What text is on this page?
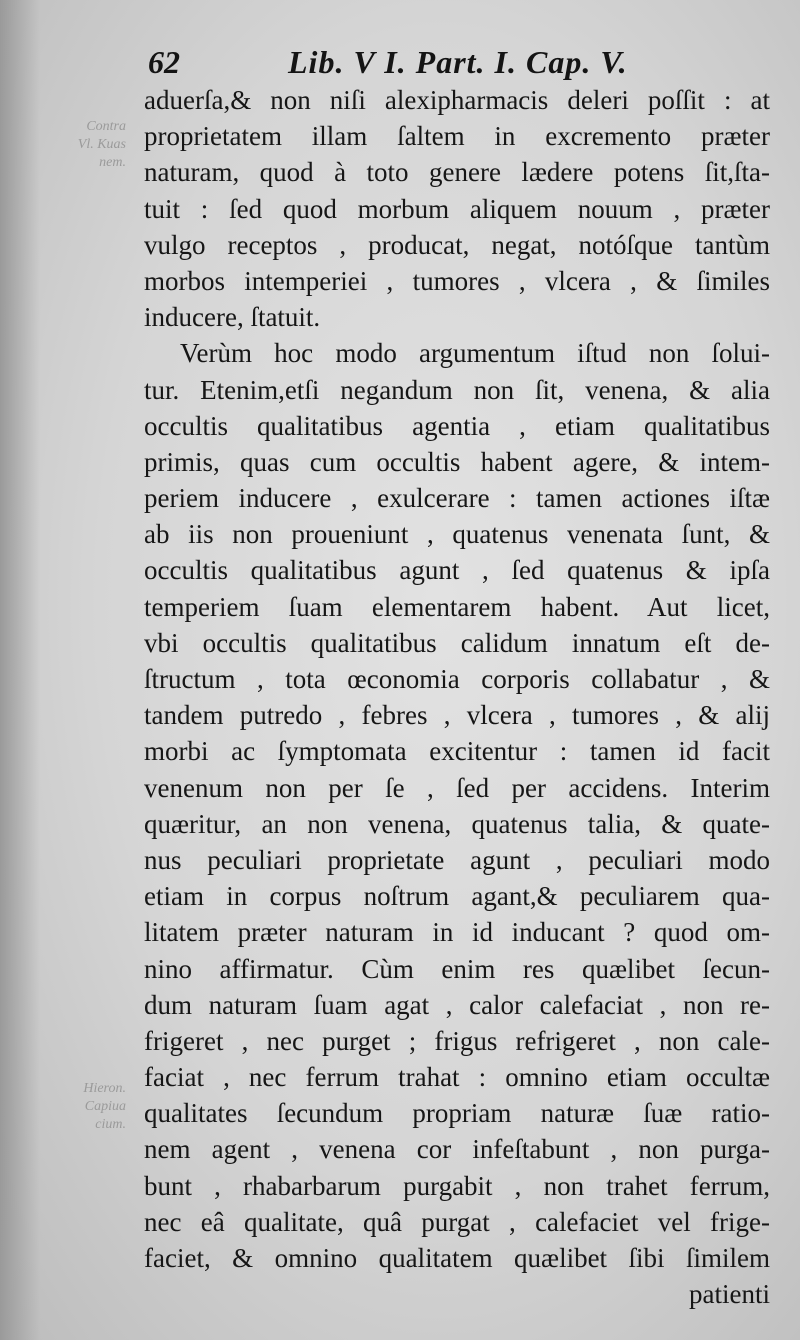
62	Lib. V I. Part. I. Cap. V.
Contra
Vl. Kuas
nem.
Hieron.
Capiua
cium.
aduerſa,& non niſi alexipharmacis deleri poſſit : at
proprietatem illam ſaltem in excremento præter
naturam, quod à toto genere lædere potens ſit,ſta-
tuit : ſed quod morbum aliquem nouum , præter
vulgo receptos , producat, negat, notóſque tantùm
morbos intemperiei , tumores , vlcera , & ſimiles
inducere, ſtatuit.
Verùm hoc modo argumentum iſtud non ſolui-
tur. Etenim,etſi negandum non ſit, venena, & alia
occultis qualitatibus agentia , etiam qualitatibus
primis, quas cum occultis habent agere, & intem-
periem inducere , exulcerare : tamen actiones iſtæ
ab iis non proueniunt , quatenus venenata ſunt, &
occultis qualitatibus agunt , ſed quatenus & ipſa
temperiem ſuam elementarem habent. Aut licet,
vbi occultis qualitatibus calidum innatum eſt de-
ſtructum , tota œconomia corporis collabatur , &
tandem putredo , febres , vlcera , tumores , & alij
morbi ac ſymptomata excitentur : tamen id facit
venenum non per ſe , ſed per accidens. Interim
quæritur, an non venena, quatenus talia, & quate-
nus peculiari proprietate agunt , peculiari modo
etiam in corpus noſtrum agant,& peculiarem qua-
litatem præter naturam in id inducant ? quod om-
nino affirmatur. Cùm enim res quælibet ſecun-
dum naturam ſuam agat , calor calefaciat , non re-
frigeret , nec purget ; frigus refrigeret , non cale-
faciat , nec ferrum trahat : omnino etiam occultæ
qualitates ſecundum propriam naturæ ſuæ ratio-
nem agent , venena cor infeſtabunt , non purga-
bunt , rhabarbarum purgabit , non trahet ferrum,
nec eâ qualitate, quâ purgat , calefaciet vel frige-
faciet, & omnino qualitatem quælibet ſibi ſimilem
patienti
